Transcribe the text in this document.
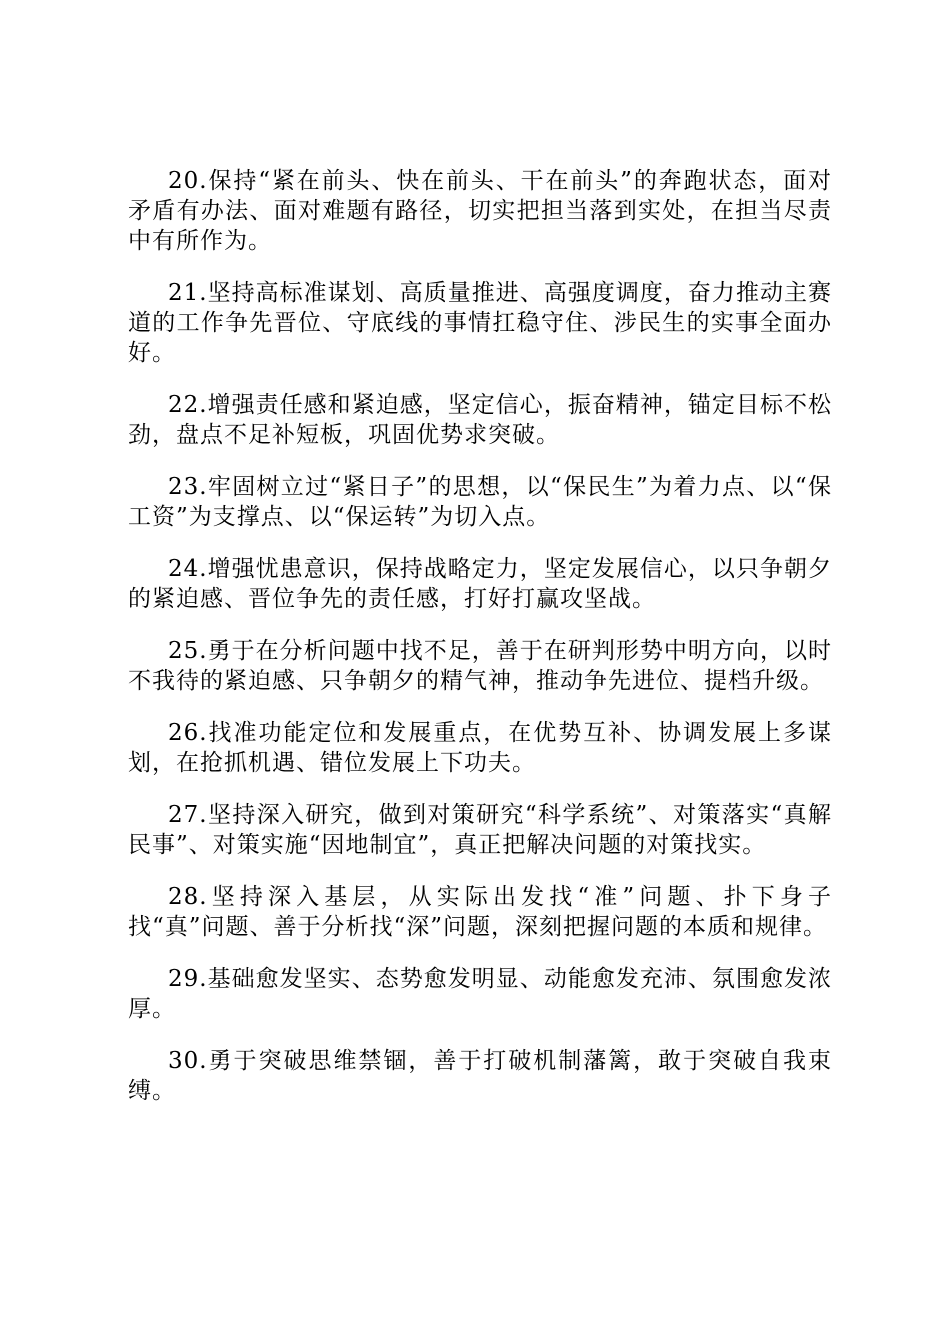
20.保持“紧在前头、快在前头、干在前头”的奔跑状态，面对矛盾有办法、面对难题有路径，切实把担当落到实处，在担当尽责中有所作为。

21.坚持高标准谋划、高质量推进、高强度调度，奋力推动主赛道的工作争先晋位、守底线的事情扛稳守住、涉民生的实事全面办好。

22.增强责任感和紧迫感，坚定信心，振奋精神，锚定目标不松劲，盘点不足补短板，巩固优势求突破。

23.牢固树立过“紧日子”的思想，以“保民生”为着力点、以“保工资”为支撑点、以“保运转”为切入点。

24.增强忧患意识，保持战略定力，坚定发展信心，以只争朝夕的紧迫感、晋位争先的责任感，打好打赢攻坚战。

25.勇于在分析问题中找不足，善于在研判形势中明方向，以时不我待的紧迫感、只争朝夕的精气神，推动争先进位、提档升级。

26.找准功能定位和发展重点，在优势互补、协调发展上多谋划，在抢抓机遇、错位发展上下功夫。

27.坚持深入研究，做到对策研究“科学系统”、对策落实“真解民事”、对策实施“因地制宜”，真正把解决问题的对策找实。

28.坚持深入基层，从实际出发找“准”问题、扑下身子找“真”问题、善于分析找“深”问题，深刻把握问题的本质和规律。

29.基础愈发坚实、态势愈发明显、动能愈发充沛、氛围愈发浓厚。

30.勇于突破思维禁锢，善于打破机制藩篱，敢于突破自我束缚。
